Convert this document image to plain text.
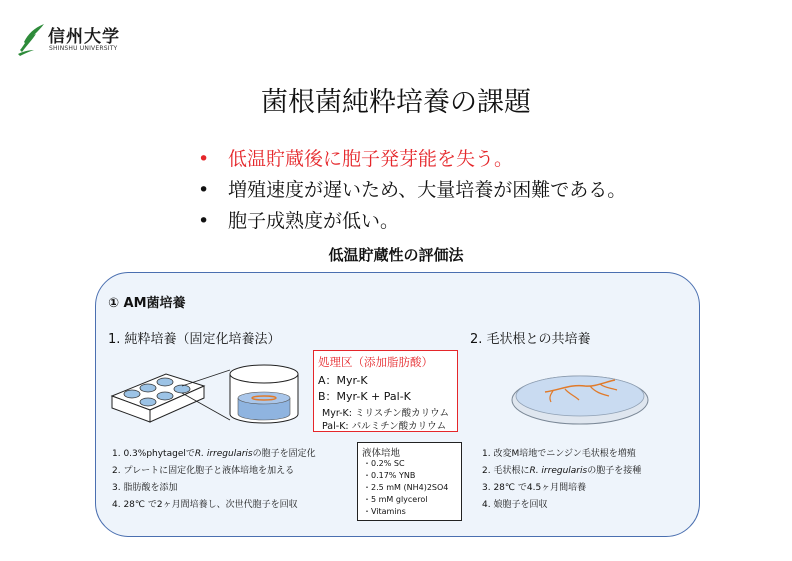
信州大学
SHINSHU UNIVERSITY
菌根菌純粋培養の課題
• 低温貯蔵後に胞子発芽能を失う。
• 増殖速度が遅いため、大量培養が困難である。
• 胞子成熟度が低い。
低温貯蔵性の評価法
① AM菌培養
1. 純粋培養（固定化培養法）	2. 毛状根との共培養
処理区（添加脂肪酸）
A：Myr-K
B：Myr-K + Pal-K
Myr-K: ミリスチン酸カリウム
Pal-K: パルミチン酸カリウム
1. 0.3%phytagelでR. irregularisの胞子を固定化
2. プレートに固定化胞子と液体培地を加える
3. 脂肪酸を添加
4. 28℃ で2ヶ月間培養し、次世代胞子を回収
液体培地
・0.2% SC
・0.17% YNB
・2.5 mM (NH4)2SO4
・5 mM glycerol
・Vitamins
1. 改変M培地でニンジン毛状根を増殖
2. 毛状根にR. irregularisの胞子を接種
3. 28℃ で4.5ヶ月間培養
4. 娘胞子を回収
